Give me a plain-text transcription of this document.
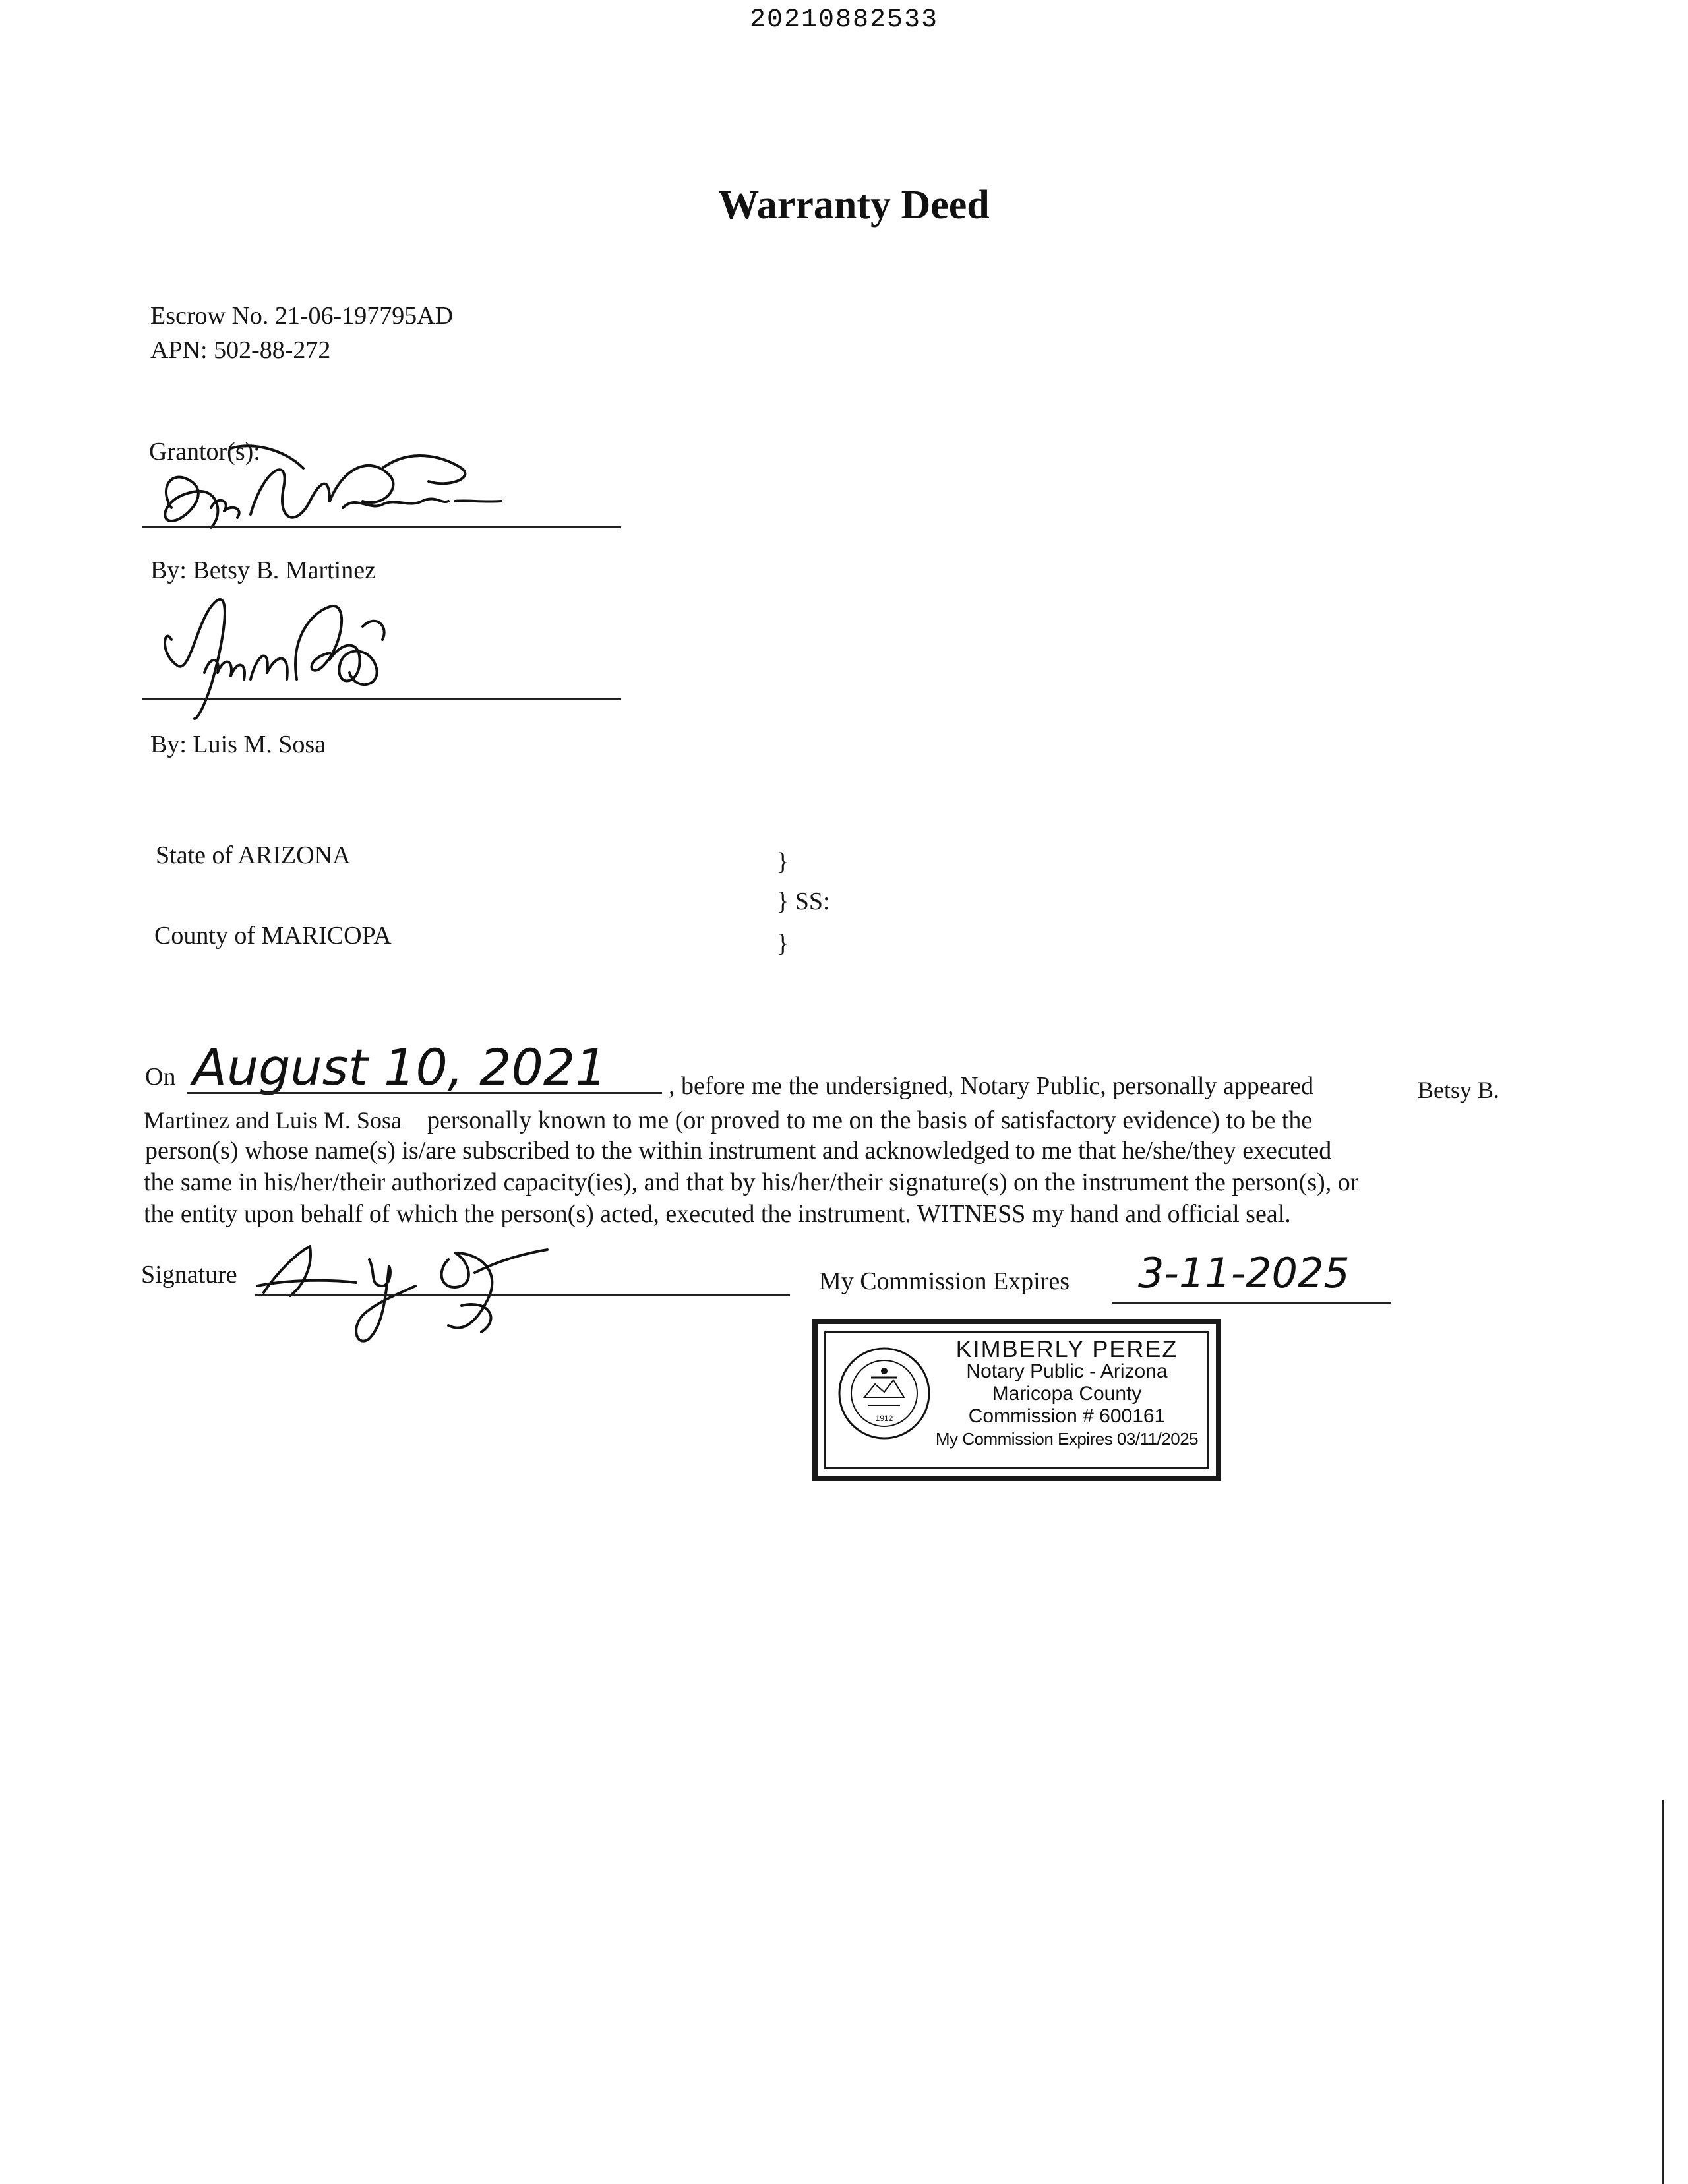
20210882533
Warranty Deed
Escrow No. 21-06-197795AD
APN: 502-88-272
Grantor(s):
By: Betsy B. Martinez
By: Luis M. Sosa
State of ARIZONA
County of MARICOPA
}
} SS:
}
On August 10, 2021 , before me the undersigned, Notary Public, personally appeared	Betsy B.
Martinez and Luis M. Sosa personally known to me (or proved to me on the basis of satisfactory evidence) to be the
person(s) whose name(s) is/are subscribed to the within instrument and acknowledged to me that he/she/they executed
the same in his/her/their authorized capacity(ies), and that by his/her/their signature(s) on the instrument the person(s), or
the entity upon behalf of which the person(s) acted, executed the instrument. WITNESS my hand and official seal.
Signature	My Commission Expires 3-11-2025
1912
KIMBERLY PEREZ
Notary Public - Arizona
Maricopa County
Commission # 600161
My Commission Expires 03/11/2025
